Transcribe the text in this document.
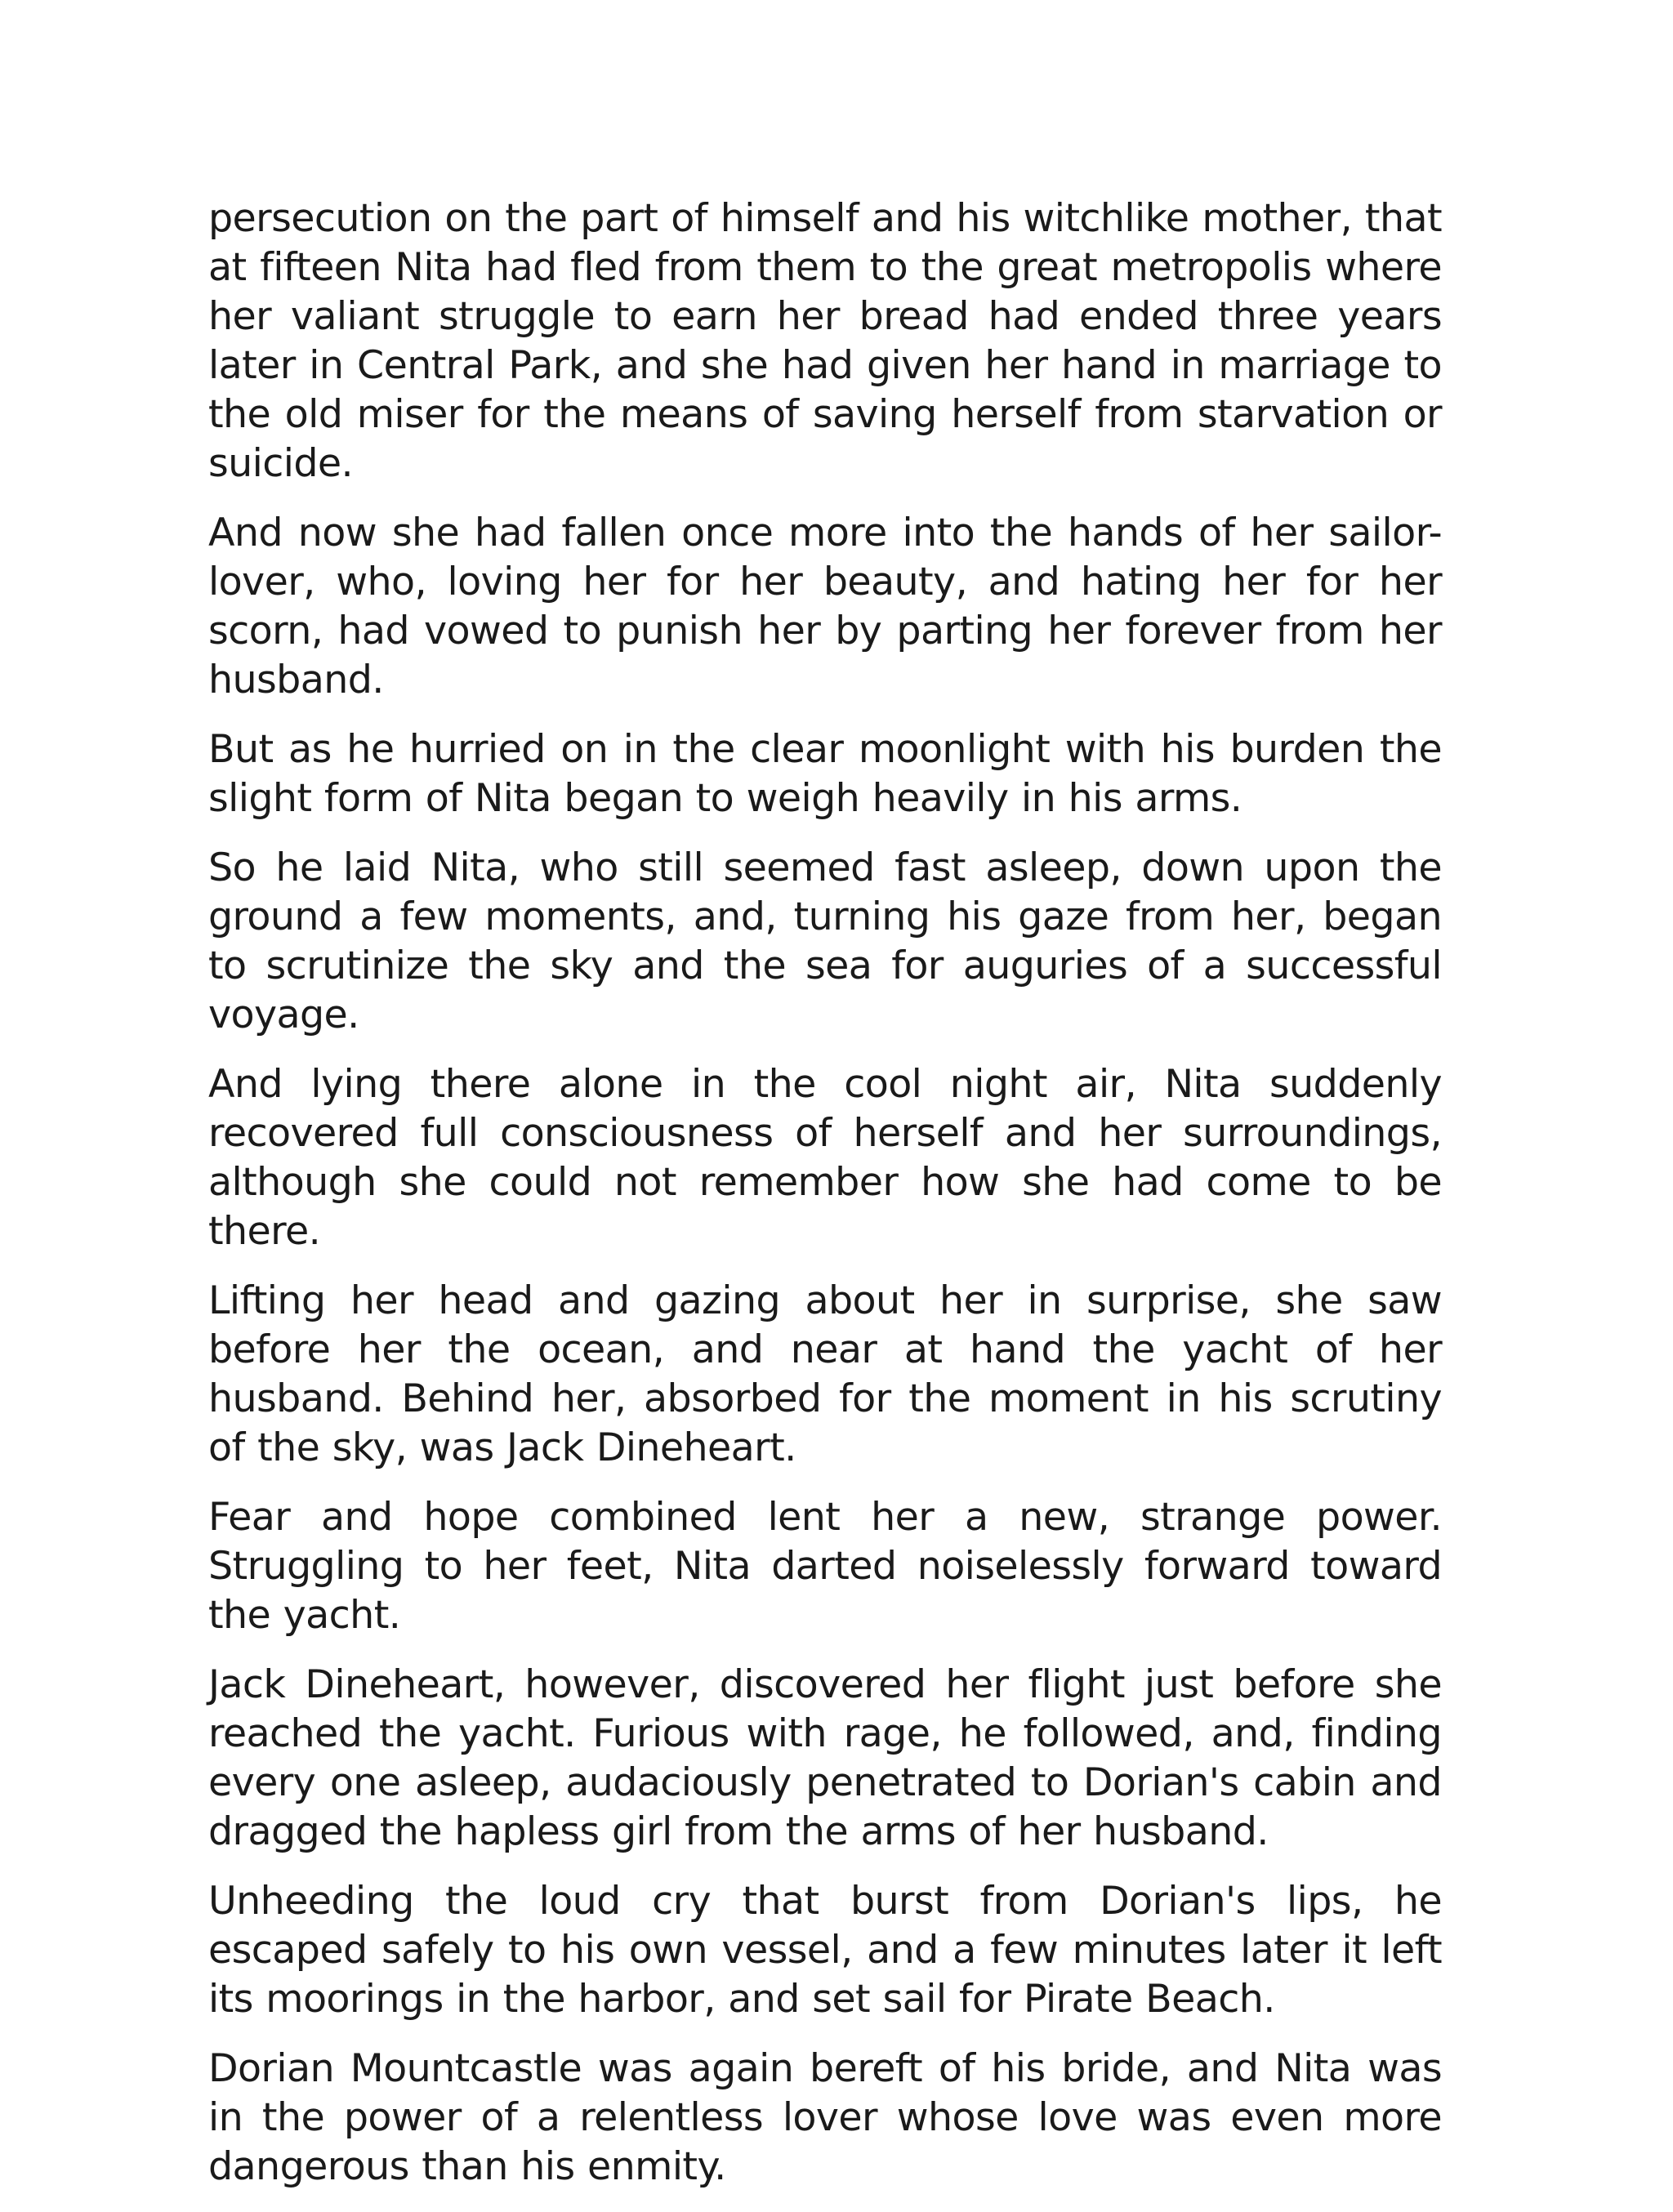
persecution on the part of himself and his witchlike mother, that at fifteen Nita had fled from them to the great metropolis where her valiant struggle to earn her bread had ended three years later in Central Park, and she had given her hand in marriage to the old miser for the means of saving herself from starvation or suicide.

And now she had fallen once more into the hands of her sailor-lover, who, loving her for her beauty, and hating her for her scorn, had vowed to punish her by parting her forever from her husband.

But as he hurried on in the clear moonlight with his burden the slight form of Nita began to weigh heavily in his arms.

So he laid Nita, who still seemed fast asleep, down upon the ground a few moments, and, turning his gaze from her, began to scrutinize the sky and the sea for auguries of a successful voyage.

And lying there alone in the cool night air, Nita suddenly recovered full consciousness of herself and her surroundings, although she could not remember how she had come to be there.

Lifting her head and gazing about her in surprise, she saw before her the ocean, and near at hand the yacht of her husband. Behind her, absorbed for the moment in his scrutiny of the sky, was Jack Dineheart.

Fear and hope combined lent her a new, strange power. Struggling to her feet, Nita darted noiselessly forward toward the yacht.

Jack Dineheart, however, discovered her flight just before she reached the yacht. Furious with rage, he followed, and, finding every one asleep, audaciously penetrated to Dorian's cabin and dragged the hapless girl from the arms of her husband.

Unheeding the loud cry that burst from Dorian's lips, he escaped safely to his own vessel, and a few minutes later it left its moorings in the harbor, and set sail for Pirate Beach.

Dorian Mountcastle was again bereft of his bride, and Nita was in the power of a relentless lover whose love was even more dangerous than his enmity.
